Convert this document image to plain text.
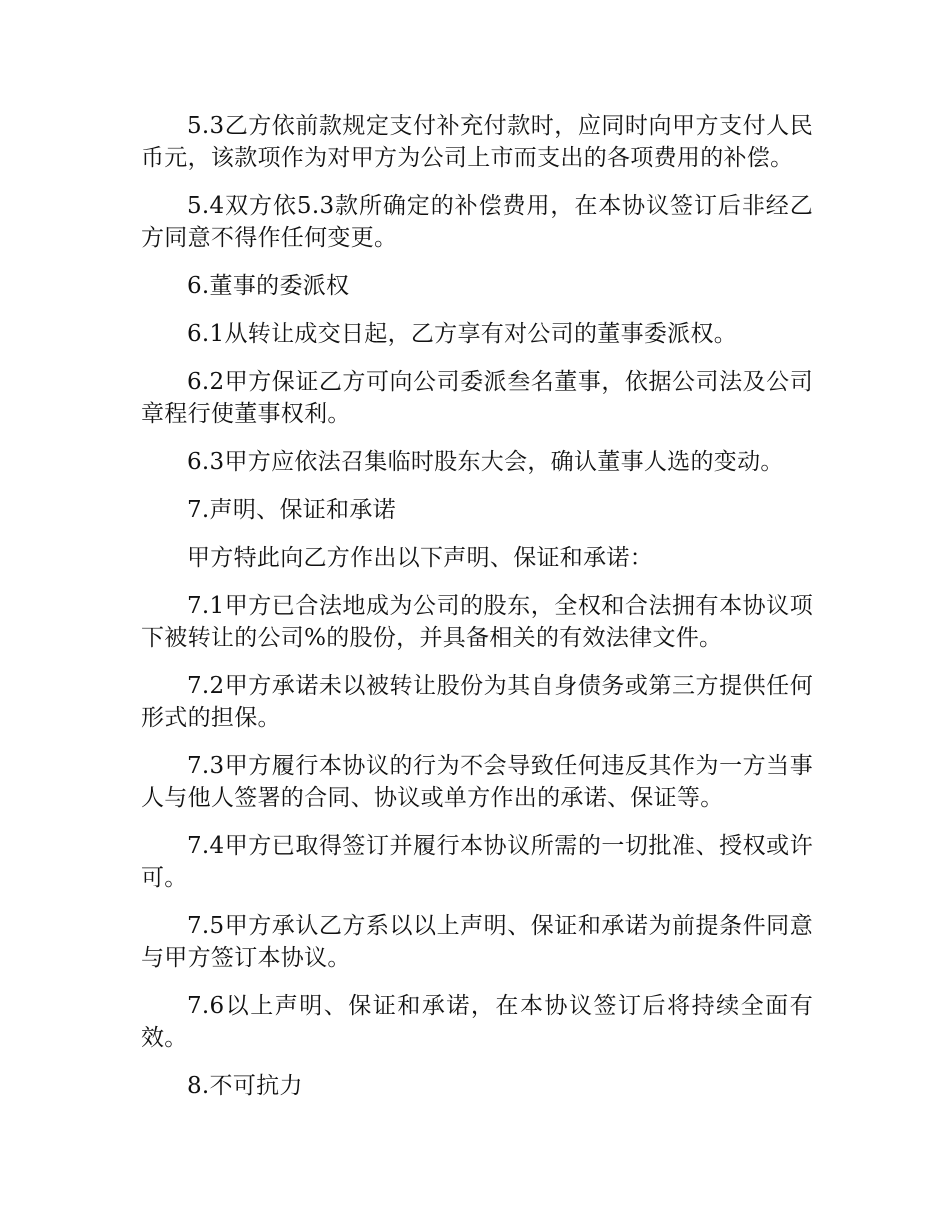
5.3乙方依前款规定支付补充付款时，应同时向甲方支付人民币元，该款项作为对甲方为公司上市而支出的各项费用的补偿。

5.4双方依5.3款所确定的补偿费用，在本协议签订后非经乙方同意不得作任何变更。

6.董事的委派权

6.1从转让成交日起，乙方享有对公司的董事委派权。

6.2甲方保证乙方可向公司委派叁名董事，依据公司法及公司章程行使董事权利。

6.3甲方应依法召集临时股东大会，确认董事人选的变动。

7.声明、保证和承诺

甲方特此向乙方作出以下声明、保证和承诺：

7.1甲方已合法地成为公司的股东，全权和合法拥有本协议项下被转让的公司%的股份，并具备相关的有效法律文件。

7.2甲方承诺未以被转让股份为其自身债务或第三方提供任何形式的担保。

7.3甲方履行本协议的行为不会导致任何违反其作为一方当事人与他人签署的合同、协议或单方作出的承诺、保证等。

7.4甲方已取得签订并履行本协议所需的一切批准、授权或许可。

7.5甲方承认乙方系以以上声明、保证和承诺为前提条件同意与甲方签订本协议。

7.6以上声明、保证和承诺，在本协议签订后将持续全面有效。

8.不可抗力
